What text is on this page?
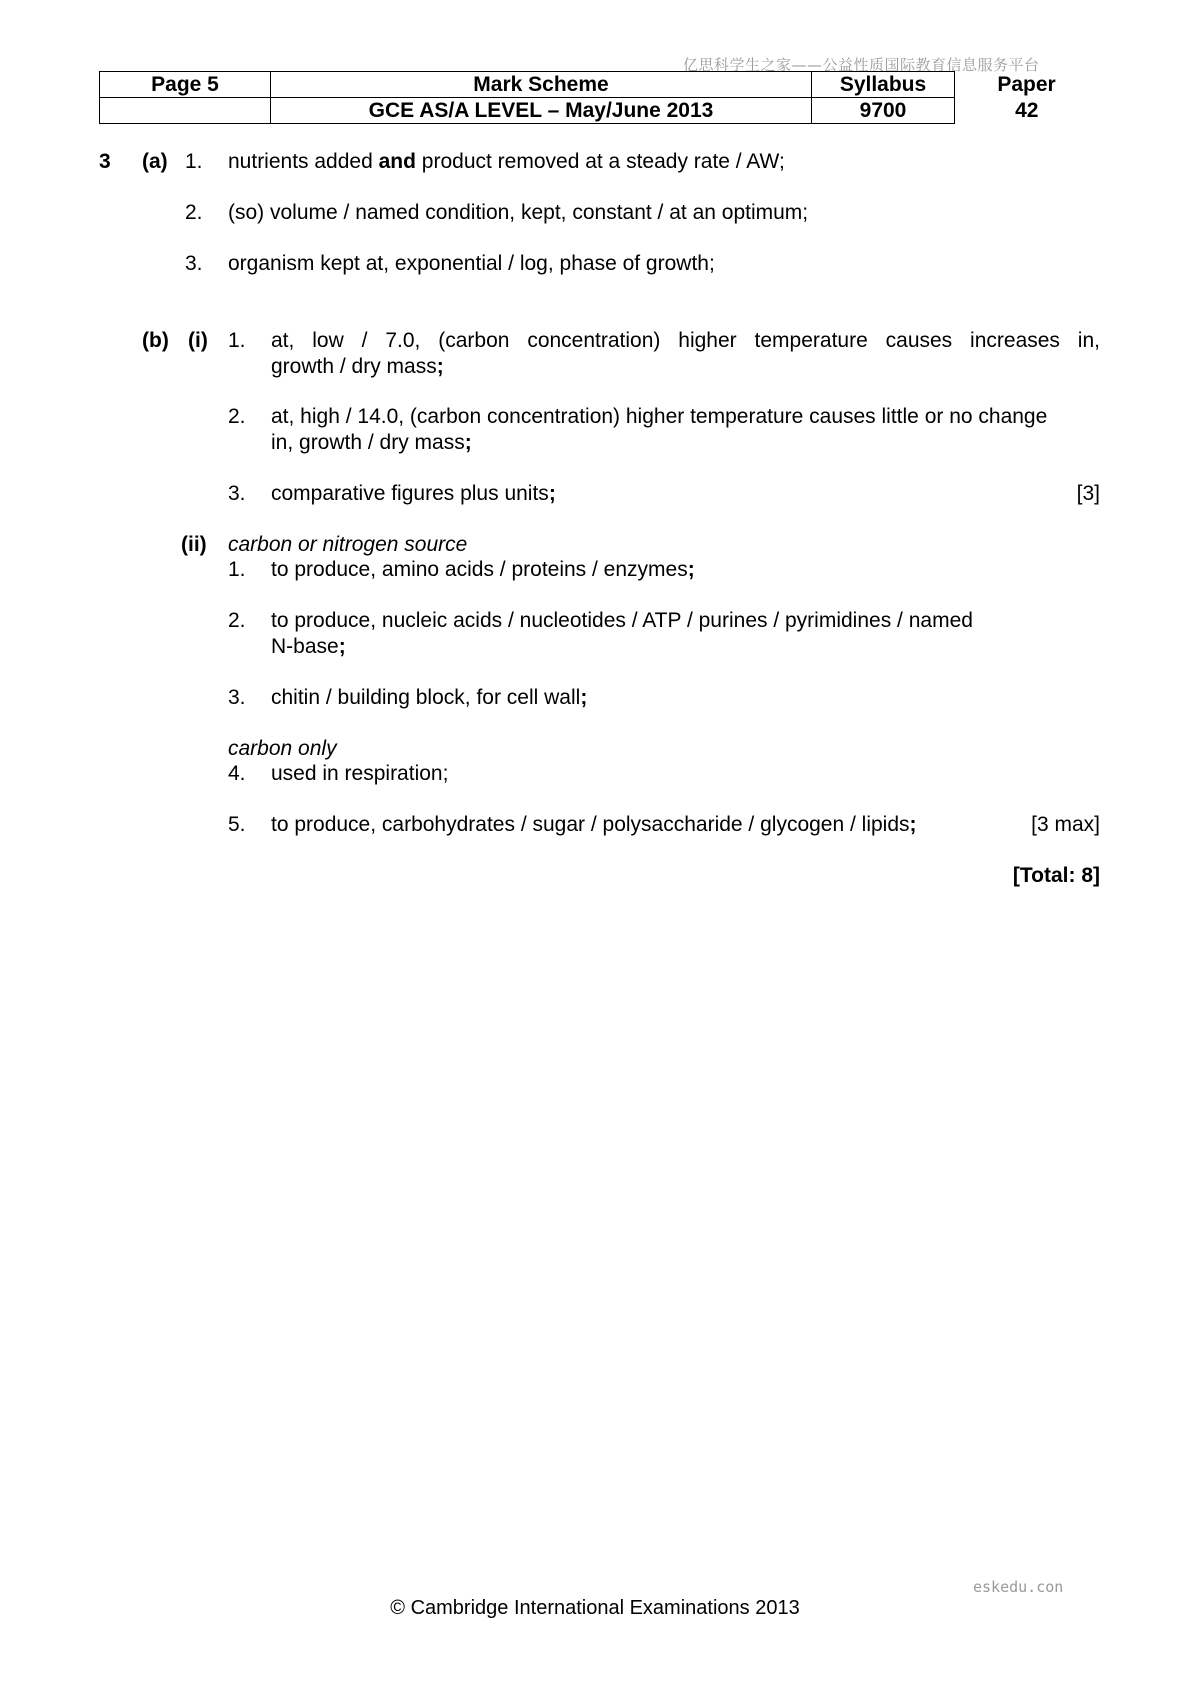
亿思科学生之家——公益性质国际教育信息服务平台
Page 5	Mark Scheme	Syllabus	Paper
	GCE AS/A LEVEL – May/June 2013	9700	42
3 (a) 1. nutrients added and product removed at a steady rate / AW;
2. (so) volume / named condition, kept, constant / at an optimum;
3. organism kept at, exponential / log, phase of growth;
(b) (i) 1. at, low / 7.0, (carbon concentration) higher temperature causes increases in,
growth / dry mass;
2. at, high / 14.0, (carbon concentration) higher temperature causes little or no change
in, growth / dry mass;
3. comparative figures plus units;	[3]
(ii) carbon or nitrogen source
1. to produce, amino acids / proteins / enzymes;
2. to produce, nucleic acids / nucleotides / ATP / purines / pyrimidines / named
N-base;
3. chitin / building block, for cell wall;
carbon only
4. used in respiration;
5. to produce, carbohydrates / sugar / polysaccharide / glycogen / lipids;	[3 max]
[Total: 8]
eskedu.con
© Cambridge International Examinations 2013
